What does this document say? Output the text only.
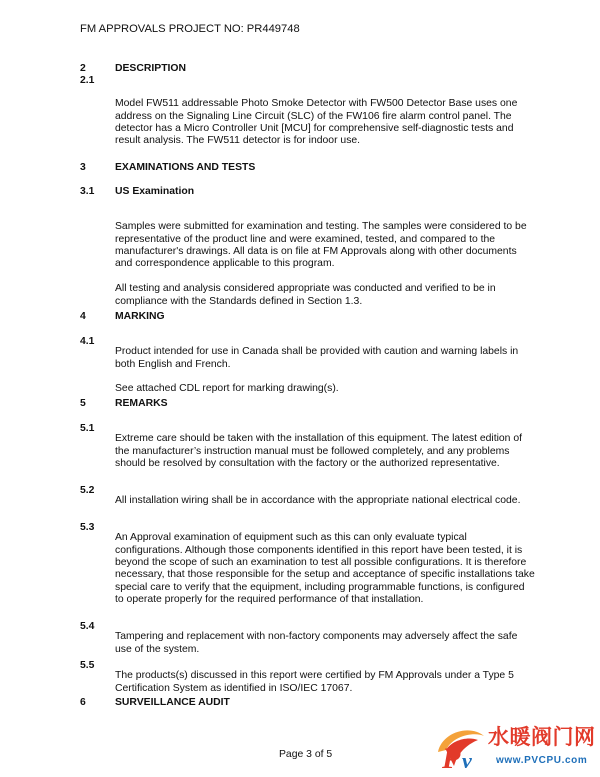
FM APPROVALS PROJECT NO: PR449748
2	DESCRIPTION
2.1

Model FW511 addressable Photo Smoke Detector with FW500 Detector Base uses one address on the Signaling Line Circuit (SLC) of the FW106 fire alarm control panel. The detector has a Micro Controller Unit [MCU] for comprehensive self-diagnostic tests and result analysis. The FW511 detector is for indoor use.

3	EXAMINATIONS AND TESTS
3.1 US Examination

Samples were submitted for examination and testing. The samples were considered to be representative of the product line and were examined, tested, and compared to the manufacturer's drawings. All data is on file at FM Approvals along with other documents and correspondence applicable to this program.

All testing and analysis considered appropriate was conducted and verified to be in compliance with the Standards defined in Section 1.3.

4	MARKING
4.1

Product intended for use in Canada shall be provided with caution and warning labels in both English and French.

See attached CDL report for marking drawing(s).

5	REMARKS
5.1

Extreme care should be taken with the installation of this equipment. The latest edition of the manufacturer’s instruction manual must be followed completely, and any problems should be resolved by consultation with the factory or the authorized representative.

5.2

All installation wiring shall be in accordance with the appropriate national electrical code.

5.3

An Approval examination of equipment such as this can only evaluate typical configurations. Although those components identified in this report have been tested, it is beyond the scope of such an examination to test all possible configurations. It is therefore necessary, that those responsible for the setup and acceptance of specific installations take special care to verify that the equipment, including programmable functions, is configured to operate properly for the required performance of that installation.

5.4

Tampering and replacement with non-factory components may adversely affect the safe use of the system.

5.5

The products(s) discussed in this report were certified by FM Approvals under a Type 5 Certification System as identified in ISO/IEC 17067.

6	SURVEILLANCE AUDIT
Page 3 of 5	P v
水暖阀门网
www.PVCPU.com
